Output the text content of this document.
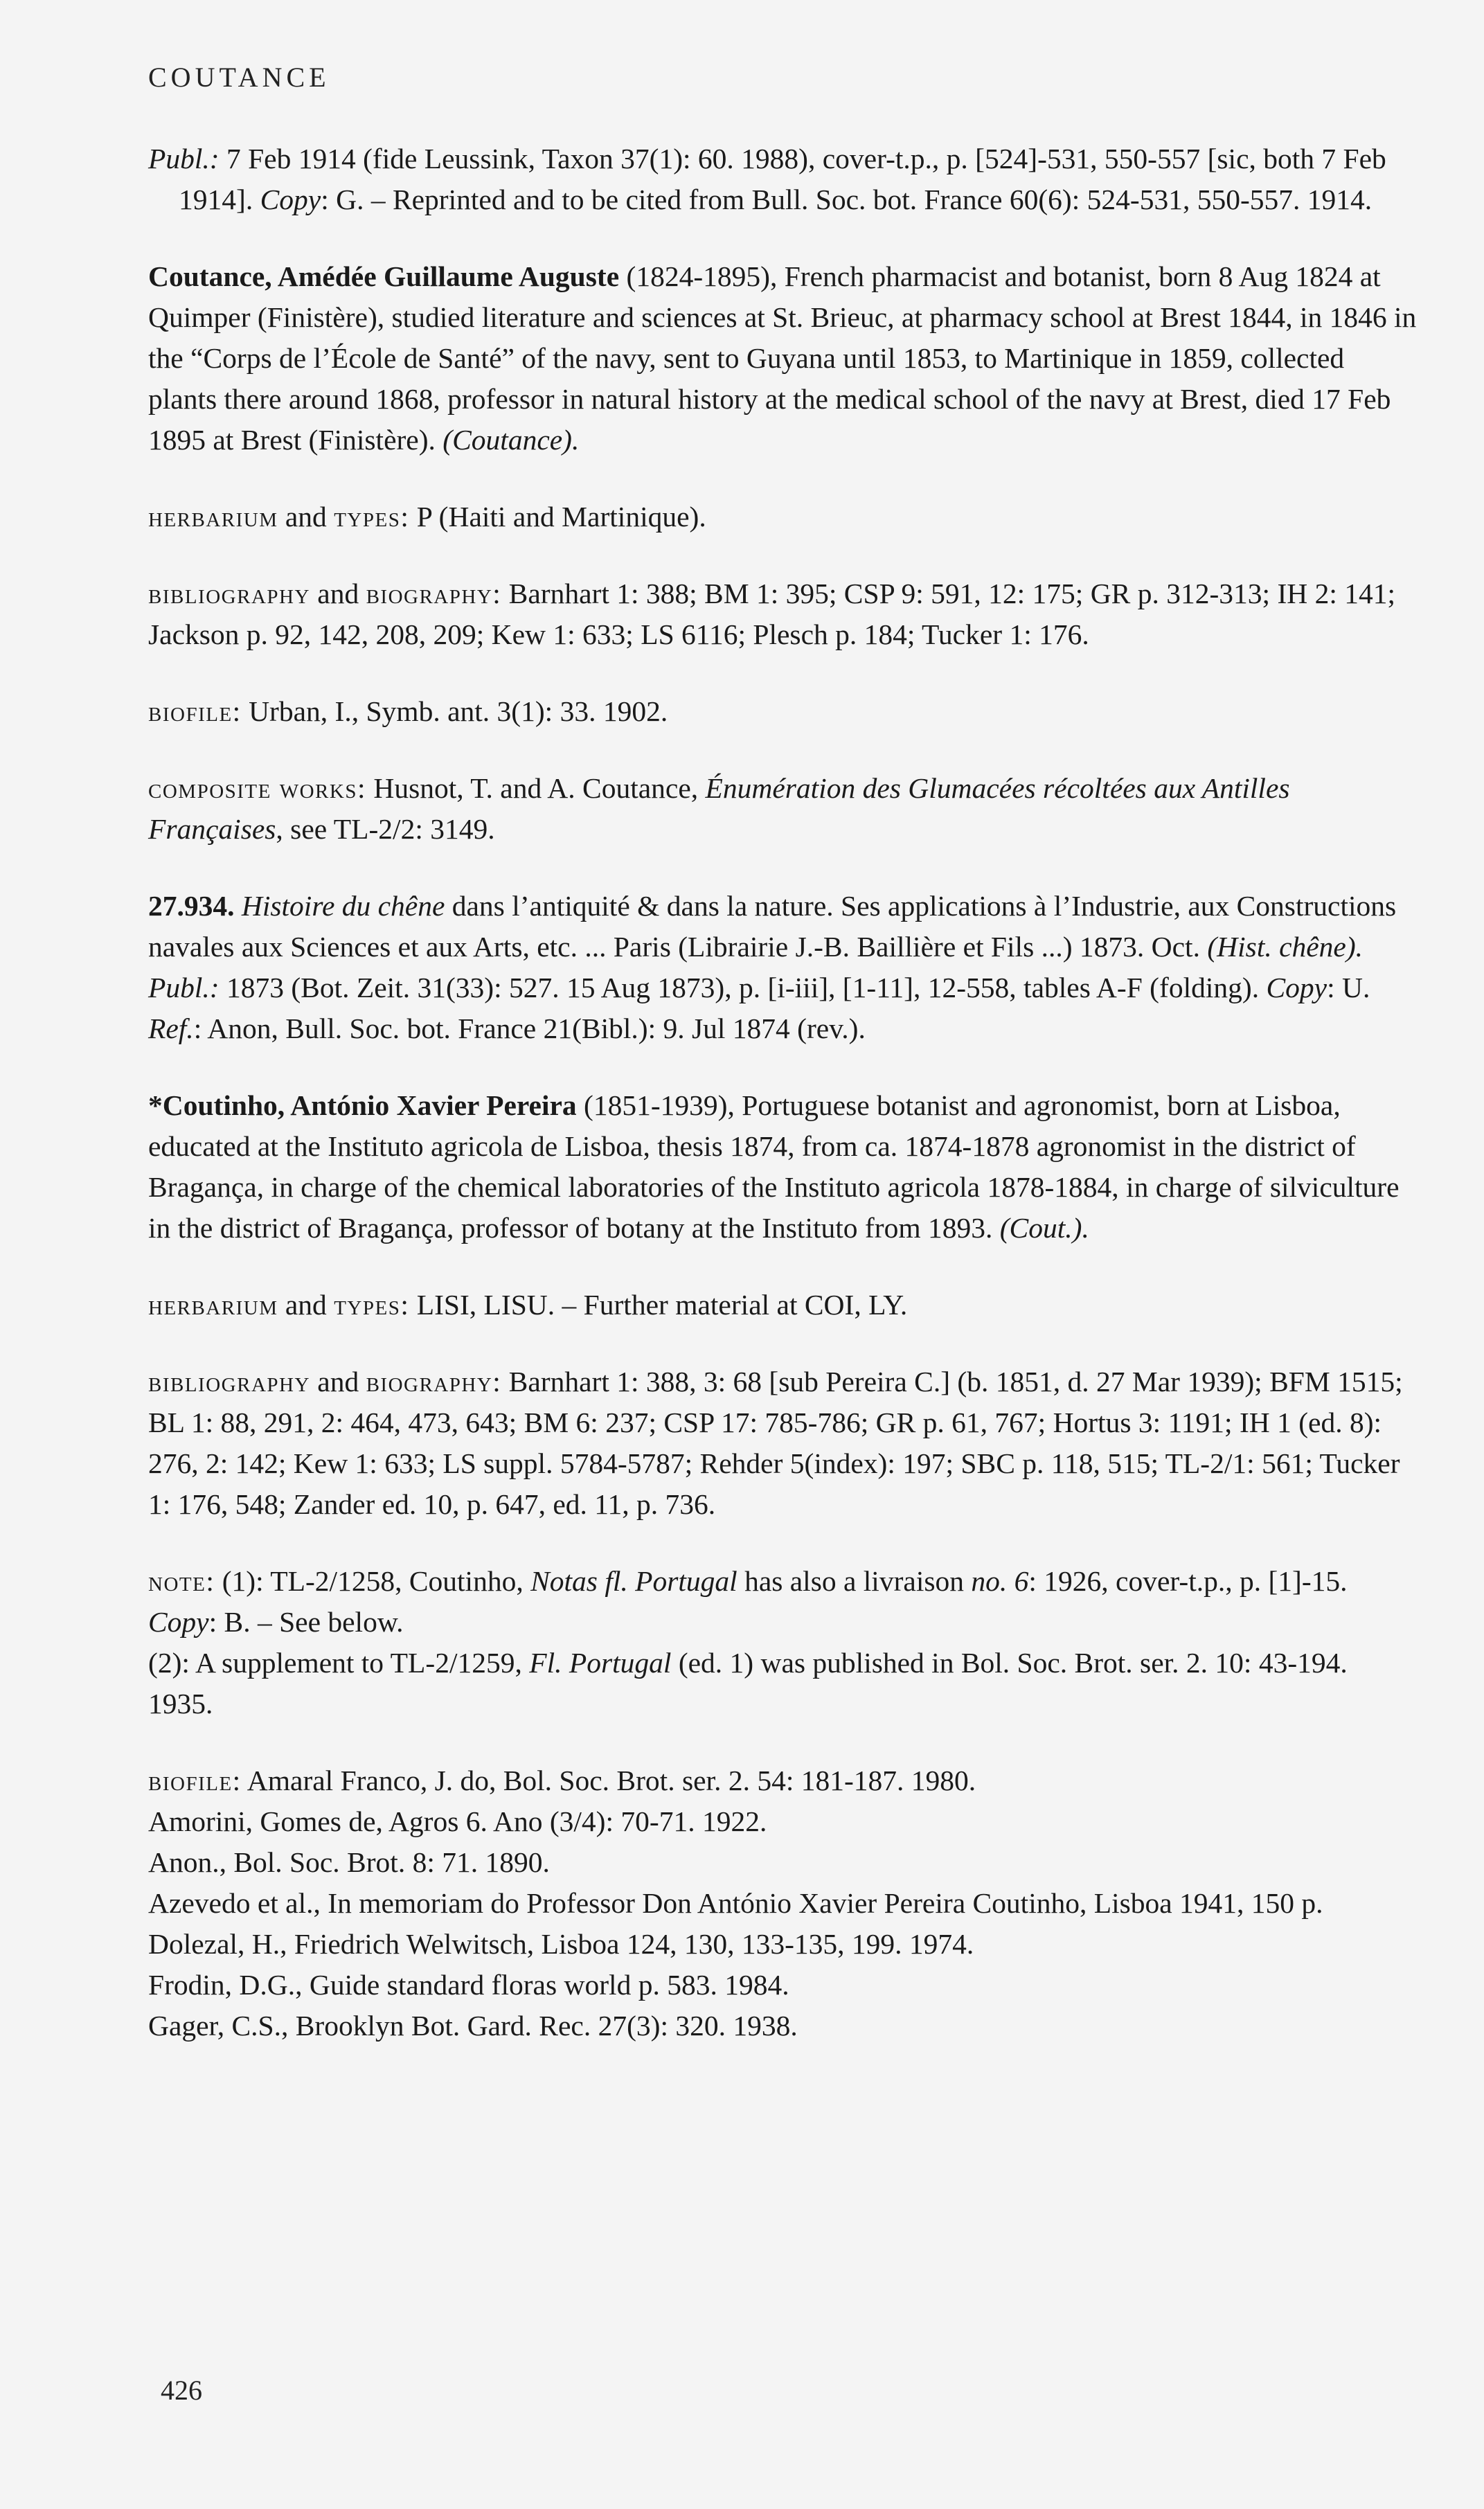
COUTANCE

Publ.: 7 Feb 1914 (fide Leussink, Taxon 37(1): 60. 1988), cover-t.p., p. [524]-531, 550-557 [sic, both 7 Feb 1914]. Copy: G. – Reprinted and to be cited from Bull. Soc. bot. France 60(6): 524-531, 550-557. 1914.

Coutance, Amédée Guillaume Auguste (1824-1895), French pharmacist and botanist, born 8 Aug 1824 at Quimper (Finistère), studied literature and sciences at St. Brieuc, at pharmacy school at Brest 1844, in 1846 in the “Corps de l’École de Santé” of the navy, sent to Guyana until 1853, to Martinique in 1859, collected plants there around 1868, professor in natural history at the medical school of the navy at Brest, died 17 Feb 1895 at Brest (Finistère). (Coutance).

herbarium and types: P (Haiti and Martinique).

bibliography and biography: Barnhart 1: 388; BM 1: 395; CSP 9: 591, 12: 175; GR p. 312-313; IH 2: 141; Jackson p. 92, 142, 208, 209; Kew 1: 633; LS 6116; Plesch p. 184; Tucker 1: 176.

biofile: Urban, I., Symb. ant. 3(1): 33. 1902.

composite works: Husnot, T. and A. Coutance, Énumération des Glumacées récoltées aux Antilles Françaises, see TL-2/2: 3149.

27.934. Histoire du chêne dans l’antiquité & dans la nature. Ses applications à l’Industrie, aux Constructions navales aux Sciences et aux Arts, etc. ... Paris (Librairie J.-B. Baillière et Fils ...) 1873. Oct. (Hist. chêne).

Publ.: 1873 (Bot. Zeit. 31(33): 527. 15 Aug 1873), p. [i-iii], [1-11], 12-558, tables A-F (folding). Copy: U.

Ref.: Anon, Bull. Soc. bot. France 21(Bibl.): 9. Jul 1874 (rev.).

*Coutinho, António Xavier Pereira (1851-1939), Portuguese botanist and agronomist, born at Lisboa, educated at the Instituto agricola de Lisboa, thesis 1874, from ca. 1874-1878 agronomist in the district of Bragança, in charge of the chemical laboratories of the Instituto agricola 1878-1884, in charge of silviculture in the district of Bragança, professor of botany at the Instituto from 1893. (Cout.).

herbarium and types: LISI, LISU. – Further material at COI, LY.

bibliography and biography: Barnhart 1: 388, 3: 68 [sub Pereira C.] (b. 1851, d. 27 Mar 1939); BFM 1515; BL 1: 88, 291, 2: 464, 473, 643; BM 6: 237; CSP 17: 785-786; GR p. 61, 767; Hortus 3: 1191; IH 1 (ed. 8): 276, 2: 142; Kew 1: 633; LS suppl. 5784-5787; Rehder 5(index): 197; SBC p. 118, 515; TL-2/1: 561; Tucker 1: 176, 548; Zander ed. 10, p. 647, ed. 11, p. 736.

note: (1): TL-2/1258, Coutinho, Notas fl. Portugal has also a livraison no. 6: 1926, cover-t.p., p. [1]-15. Copy: B. – See below.

(2): A supplement to TL-2/1259, Fl. Portugal (ed. 1) was published in Bol. Soc. Brot. ser. 2. 10: 43-194. 1935.

biofile: Amaral Franco, J. do, Bol. Soc. Brot. ser. 2. 54: 181-187. 1980.

Amorini, Gomes de, Agros 6. Ano (3/4): 70-71. 1922.

Anon., Bol. Soc. Brot. 8: 71. 1890.

Azevedo et al., In memoriam do Professor Don António Xavier Pereira Coutinho, Lisboa 1941, 150 p.

Dolezal, H., Friedrich Welwitsch, Lisboa 124, 130, 133-135, 199. 1974.

Frodin, D.G., Guide standard floras world p. 583. 1984.

Gager, C.S., Brooklyn Bot. Gard. Rec. 27(3): 320. 1938.

426
